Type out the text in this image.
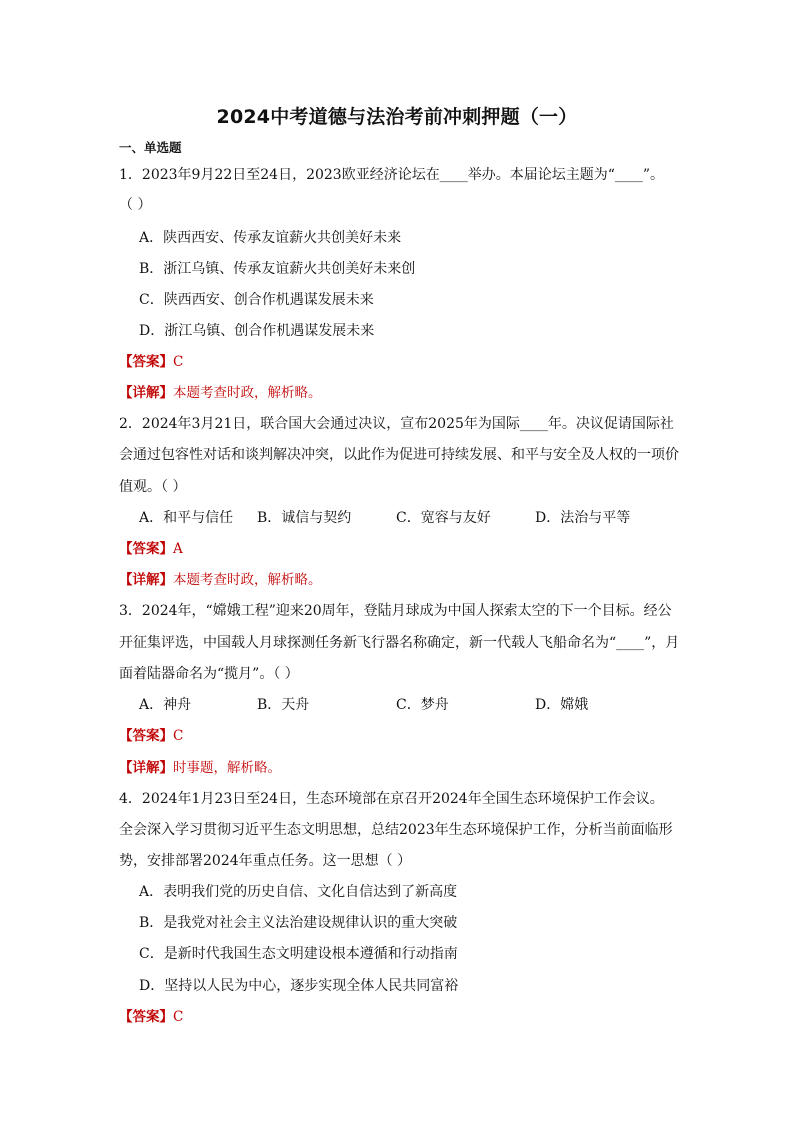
2024中考道德与法治考前冲刺押题（一）
一、单选题
1．2023年9月22日至24日，2023欧亚经济论坛在____举办。本届论坛主题为“____”。
（ ）
A．陕西西安、传承友谊薪火共创美好未来
B．浙江乌镇、传承友谊薪火共创美好未来创
C．陕西西安、创合作机遇谋发展未来
D．浙江乌镇、创合作机遇谋发展未来
【答案】C
【详解】本题考查时政，解析略。
2．2024年3月21日，联合国大会通过决议，宣布2025年为国际____年。决议促请国际社
会通过包容性对话和谈判解决冲突，以此作为促进可持续发展、和平与安全及人权的一项价
值观。（ ）
A．和平与信任 B．诚信与契约	C．宽容与友好	D．法治与平等
【答案】A
【详解】本题考查时政，解析略。
3．2024年，“嫦娥工程”迎来20周年，登陆月球成为中国人探索太空的下一个目标。经公
开征集评选，中国载人月球探测任务新飞行器名称确定，新一代载人飞船命名为“____”，月
面着陆器命名为“揽月”。（ ）
A．神舟	B．天舟	C．梦舟	D．嫦娥
【答案】C
【详解】时事题，解析略。
4．2024年1月23日至24日，生态环境部在京召开2024年全国生态环境保护工作会议。
全会深入学习贯彻习近平生态文明思想，总结2023年生态环境保护工作，分析当前面临形
势，安排部署2024年重点任务。这一思想（ ）
A．表明我们党的历史自信、文化自信达到了新高度
B．是我党对社会主义法治建设规律认识的重大突破
C．是新时代我国生态文明建设根本遵循和行动指南
D．坚持以人民为中心，逐步实现全体人民共同富裕
【答案】C
